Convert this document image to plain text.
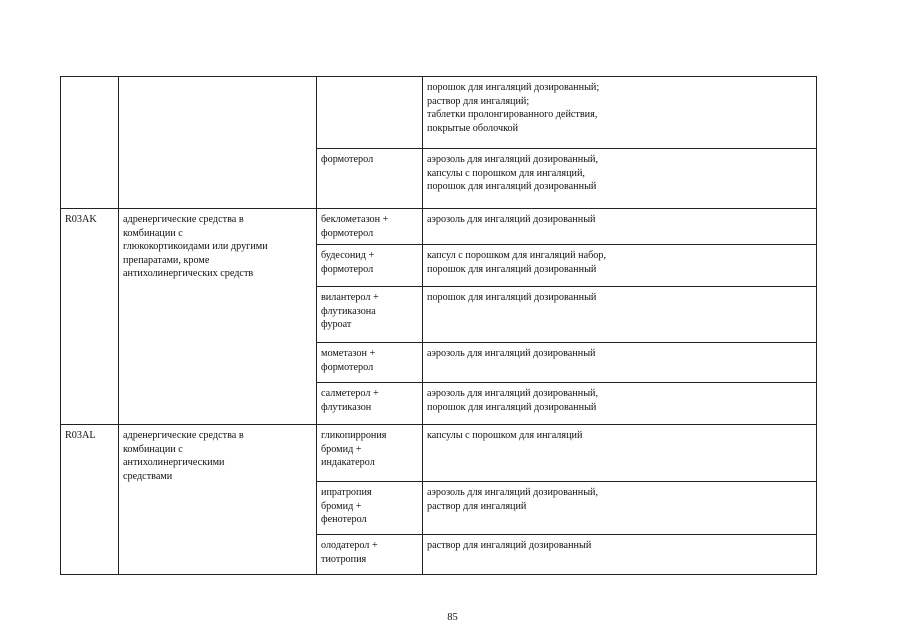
			порошок для ингаляций дозированный;
раствор для ингаляций;
таблетки пролонгированного действия,
покрытые оболочкой

		формотерол	аэрозоль для ингаляций дозированный,
капсулы с порошком для ингаляций,
порошок для ингаляций дозированный

R03AK	адренергические средства в
комбинации с
глюкокортикоидами или другими
препаратами, кроме
антихолинергических средств	беклометазон +
формотерол	аэрозоль для ингаляций дозированный

		будесонид +
формотерол	капсул с порошком для ингаляций набор,
порошок для ингаляций дозированный

		вилантерол +
флутиказона
фуроат	порошок для ингаляций дозированный

		мометазон +
формотерол	аэрозоль для ингаляций дозированный

		салметерол +
флутиказон	аэрозоль для ингаляций дозированный,
порошок для ингаляций дозированный

R03AL	адренергические средства в
комбинации с
антихолинергическими
средствами	гликопиррония
бромид +
индакатерол	капсулы с порошком для ингаляций

		ипратропия
бромид +
фенотерол	аэрозоль для ингаляций дозированный,
раствор для ингаляций

		олодатерол +
тиотропия	раствор для ингаляций дозированный
85
